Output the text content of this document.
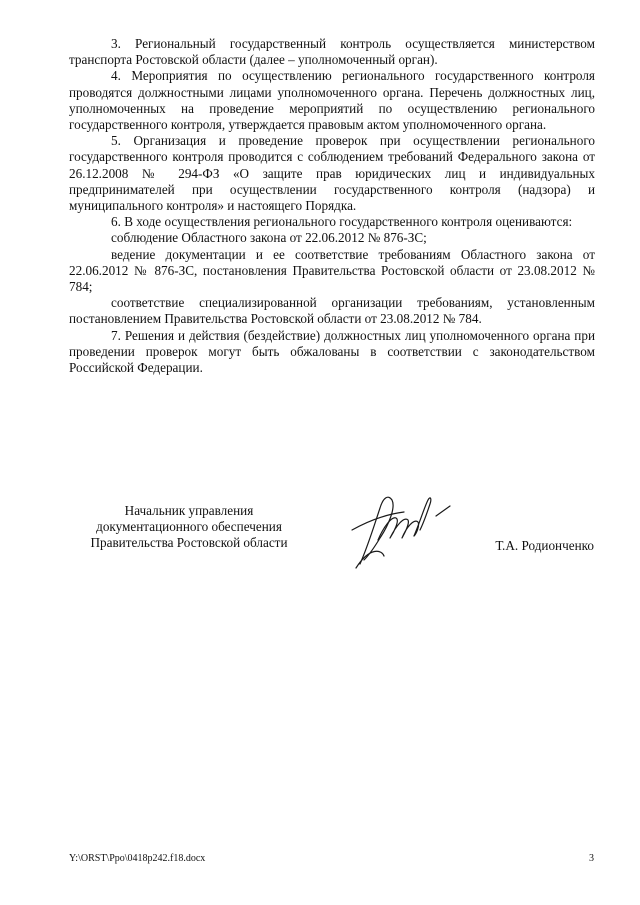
3. Региональный государственный контроль осуществляется министерством транспорта Ростовской области (далее – уполномоченный орган).

4. Мероприятия по осуществлению регионального государственного контроля проводятся должностными лицами уполномоченного органа. Перечень должностных лиц, уполномоченных на проведение мероприятий по осуществлению регионального государственного контроля, утверждается правовым актом уполномоченного органа.

5. Организация и проведение проверок при осуществлении регионального государственного контроля проводится с соблюдением требований Федерального закона от 26.12.2008 № 294-ФЗ «О защите прав юридических лиц и индивидуальных предпринимателей при осуществлении государственного контроля (надзора) и муниципального контроля» и настоящего Порядка.

6. В ходе осуществления регионального государственного контроля оцениваются:

соблюдение Областного закона от 22.06.2012 № 876-ЗС;

ведение документации и ее соответствие требованиям Областного закона от 22.06.2012 № 876-ЗС, постановления Правительства Ростовской области от 23.08.2012 № 784;

соответствие специализированной организации требованиям, установленным постановлением Правительства Ростовской области от 23.08.2012 № 784.

7. Решения и действия (бездействие) должностных лиц уполномоченного органа при проведении проверок могут быть обжалованы в соответствии с законодательством Российской Федерации.

Начальник управления
документационного обеспечения
Правительства Ростовской области	Т.А. Родионченко
Y:\ORST\Ppo\0418p242.f18.docx	3
